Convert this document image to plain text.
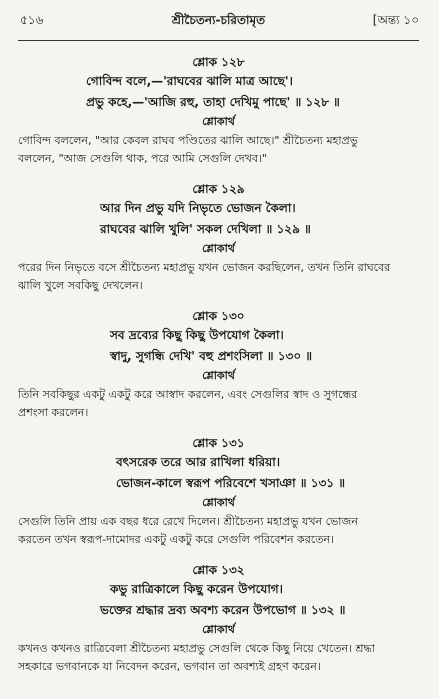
৫১৬	শ্রীচৈতন্য-চরিতামৃত	[অন্ত্য ১০
শ্লোক ১২৮
গোবিন্দ বলে,—'রাঘবের ঝালি মাত্র আছে'।
প্রভু কহে,—'আজি রহু, তাহা দেখিমু পাছে' ॥ ১২৮ ॥
শ্লোকার্থ
গোবিন্দ বললেন, "আর কেবল রাঘব পণ্ডিতের ঝালি আছে।" শ্রীচৈতন্য মহাপ্রভু
বললেন, "আজ সেগুলি থাক, পরে আমি সেগুলি দেখব।"
শ্লোক ১২৯
আর দিন প্রভু যদি নিভৃতে ভোজন কৈলা।
রাঘবের ঝালি খুলি' সকল দেখিলা ॥ ১২৯ ॥
শ্লোকার্থ
পরের দিন নিভৃতে বসে শ্রীচৈতন্য মহাপ্রভু যখন ভোজন করছিলেন, তখন তিনি রাঘবের
ঝালি খুলে সবকিছু দেখলেন।
শ্লোক ১৩০
সব দ্রব্যের কিছু কিছু উপযোগ কৈলা।
স্বাদু, সুগন্ধি দেখি' বহু প্রশংসিলা ॥ ১৩০ ॥
শ্লোকার্থ
তিনি সবকিছুর একটু একটু করে আস্বাদ করলেন, এবং সেগুলির স্বাদ ও সুগন্ধের
প্রশংসা করলেন।
শ্লোক ১৩১
বৎসরেক তরে আর রাখিলা ধরিয়া।
ভোজন-কালে স্বরূপ পরিবেশে খসাঞা ॥ ১৩১ ॥
শ্লোকার্থ
সেগুলি তিনি প্রায় এক বছর ধরে রেখে দিলেন। শ্রীচৈতন্য মহাপ্রভু যখন ভোজন
করতেন তখন স্বরূপ-দামোদর একটু একটু করে সেগুলি পরিবেশন করতেন।
শ্লোক ১৩২
কভু রাত্রিকালে কিছু করেন উপযোগ।
ভক্তের শ্রদ্ধার দ্রব্য অবশ্য করেন উপভোগ ॥ ১৩২ ॥
শ্লোকার্থ
কখনও কখনও রাত্রিবেলা শ্রীচৈতন্য মহাপ্রভু সেগুলি থেকে কিছু নিয়ে খেতেন। শ্রদ্ধা
সহকারে ভগবানকে যা নিবেদন করেন, ভগবান তা অবশ্যই গ্রহণ করেন।
